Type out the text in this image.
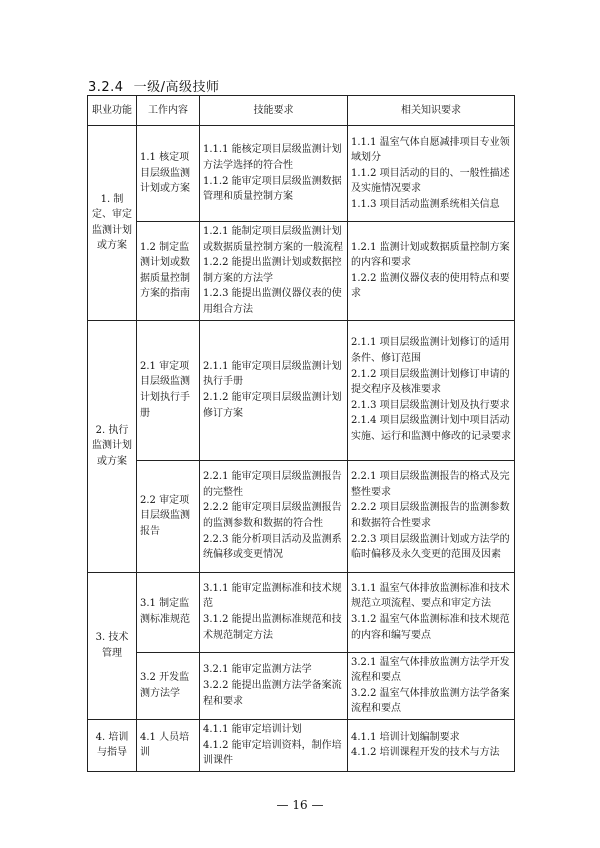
3.2.4 一级/高级技师
职业功能	工作内容	技能要求	相关知识要求
1. 制定、审定监测计划或方案	1.1 核定项目层级监测计划或方案	1.1.1 能核定项目层级监测计划方法学选择的符合性
1.1.2 能审定项目层级监测数据管理和质量控制方案	1.1.1 温室气体自愿减排项目专业领域划分
1.1.2 项目活动的目的、一般性描述及实施情况要求
1.1.3 项目活动监测系统相关信息

	1.2 制定监测计划或数据质量控制方案的指南	1.2.1 能制定项目层级监测计划或数据质量控制方案的一般流程
1.2.2 能提出监测计划或数据控制方案的方法学
1.2.3 能提出监测仪器仪表的使用组合方法	1.2.1 监测计划或数据质量控制方案的内容和要求
1.2.2 监测仪器仪表的使用特点和要求

2. 执行监测计划或方案	2.1 审定项目层级监测计划执行手册	2.1.1 能审定项目层级监测计划执行手册
2.1.2 能审定项目层级监测计划修订方案	2.1.1 项目层级监测计划修订的适用条件、修订范围
2.1.2 项目层级监测计划修订申请的提交程序及核准要求
2.1.3 项目层级监测计划及执行要求
2.1.4 项目层级监测计划中项目活动实施、运行和监测中修改的记录要求

	2.2 审定项目层级监测报告	2.2.1 能审定项目层级监测报告的完整性
2.2.2 能审定项目层级监测报告的监测参数和数据的符合性
2.2.3 能分析项目活动及监测系统偏移或变更情况	2.2.1 项目层级监测报告的格式及完整性要求
2.2.2 项目层级监测报告的监测参数和数据符合性要求
2.2.3 项目层级监测计划或方法学的临时偏移及永久变更的范围及因素

3. 技术管理	3.1 制定监测标准规范	3.1.1 能审定监测标准和技术规范
3.1.2 能提出监测标准规范和技术规范制定方法	3.1.1 温室气体排放监测标准和技术规范立项流程、要点和审定方法
3.1.2 温室气体监测标准和技术规范的内容和编写要点

	3.2 开发监测方法学	3.2.1 能审定监测方法学
3.2.2 能提出监测方法学备案流程和要求	3.2.1 温室气体排放监测方法学开发流程和要点
3.2.2 温室气体排放监测方法学备案流程和要点

4. 培训与指导	4.1 人员培训	4.1.1 能审定培训计划
4.1.2 能审定培训资料，制作培训课件	4.1.1 培训计划编制要求
4.1.2 培训课程开发的技术与方法
— 16 —
